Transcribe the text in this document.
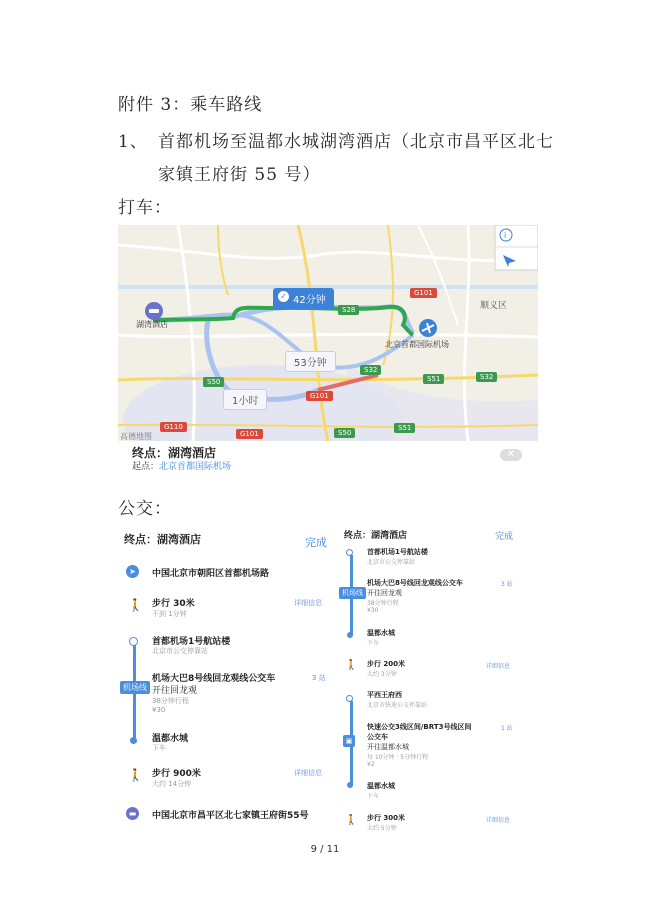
附件 3：乘车路线
1、 首都机场至温都水城湖湾酒店（北京市昌平区北七
家镇王府街 55 号）
打车：
公交：
i
✓ 42分钟
53分钟
1小时
湖湾酒店
北京首都国际机场
顺义区
G101
S28
S32
S50	S51	S32
G101
G110
G101	S50
S51
高德地图
终点：湖湾酒店
起点：北京首都国际机场
✕
终点：湖湾酒店	完成
➤	中国北京市朝阳区首都机场路
🚶 步行 30米
不到 1分钟
详细信息
机场线
首都机场1号航站楼
北京市公交停靠站
机场大巴8号线回龙观线公交车
开往回龙观
38分钟行程
¥30
3 站
温都水城
下车
🚶 步行 900米
大约 14分钟
详细信息
▬	中国北京市昌平区北七家镇王府街55号
终点：湖湾酒店	完成
机场线
首都机场1号航站楼
北京市公交停靠站
机场大巴8号线回龙观线公交车
开往回龙观
38分钟行程
¥30
3 站
温都水城
下车
🚶 步行 200米
大约 3分钟
详细信息
▣
平西王府西
北京市快速公交停靠站
快速公交3线区间/BRT3号线区间
公交车
开往温都水城
每 10分钟 · 5分钟行程
¥2
1 站
温都水城
下车
🚶 步行 300米
大约 5分钟
详细信息
9 / 11
